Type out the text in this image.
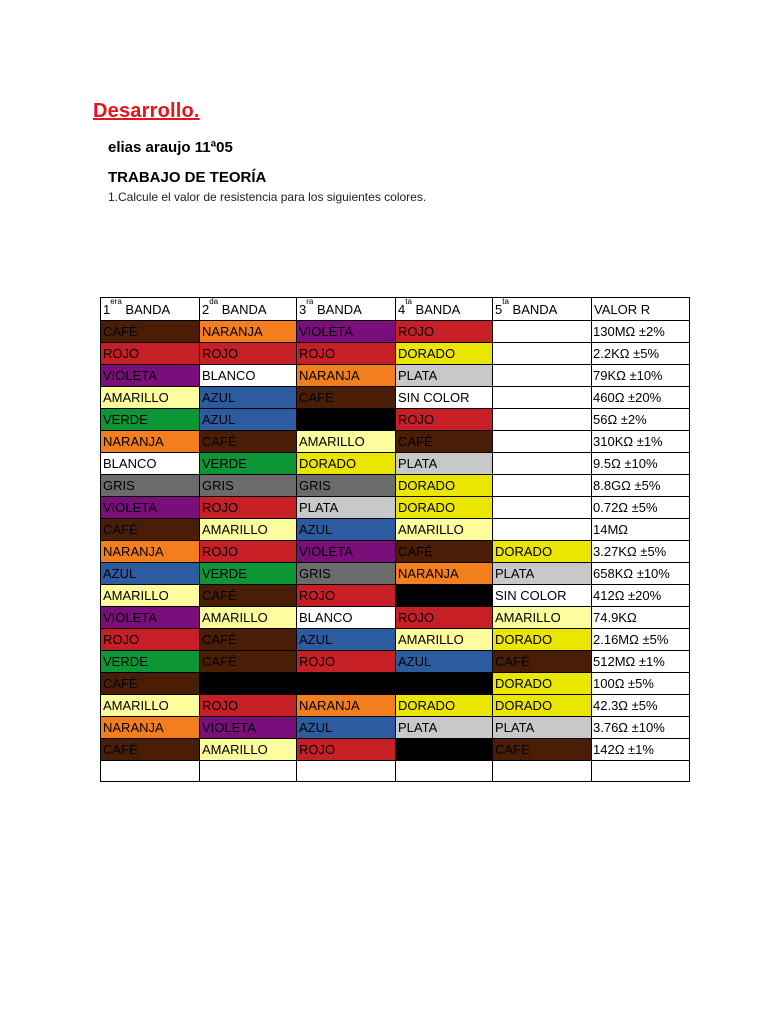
Desarrollo.
elias araujo 11ª05
TRABAJO DE TEORÍA
1.Calcule el valor de resistencia para los siguientes colores.
$1^{era}$ BANDA	$2^{da}$ BANDA	$3^{ra}$ BANDA	$4^{ta}$ BANDA	$5^{ta}$ BANDA	VALOR R
CAFÉ	NARANJA	VIOLETA	ROJO		130MΩ ±2%
ROJO	ROJO	ROJO	DORADO		2.2KΩ ±5%
VIOLETA	BLANCO	NARANJA	PLATA		79KΩ ±10%
AMARILLO	AZUL	CAFÉ	SIN COLOR		460Ω ±20%
VERDE	AZUL		ROJO		56Ω ±2%
NARANJA	CAFÉ	AMARILLO	CAFÉ		310KΩ ±1%
BLANCO	VERDE	DORADO	PLATA		9.5Ω ±10%
GRIS	GRIS	GRIS	DORADO		8.8GΩ ±5%
VIOLETA	ROJO	PLATA	DORADO		0.72Ω ±5%
CAFÉ	AMARILLO	AZUL	AMARILLO		14MΩ
NARANJA	ROJO	VIOLETA	CAFÉ	DORADO	3.27KΩ ±5%
AZUL	VERDE	GRIS	NARANJA	PLATA	658KΩ ±10%
AMARILLO	CAFÉ	ROJO		SIN COLOR	412Ω ±20%
VIOLETA	AMARILLO	BLANCO	ROJO	AMARILLO	74.9KΩ
ROJO	CAFÉ	AZUL	AMARILLO	DORADO	2.16MΩ ±5%
VERDE	CAFÉ	ROJO	AZUL	CAFÉ	512MΩ ±1%
CAFÉ				DORADO	100Ω ±5%
AMARILLO	ROJO	NARANJA	DORADO	DORADO	42.3Ω ±5%
NARANJA	VIOLETA	AZUL	PLATA	PLATA	3.76Ω ±10%
CAFÉ	AMARILLO	ROJO		CAFE	142Ω ±1%
